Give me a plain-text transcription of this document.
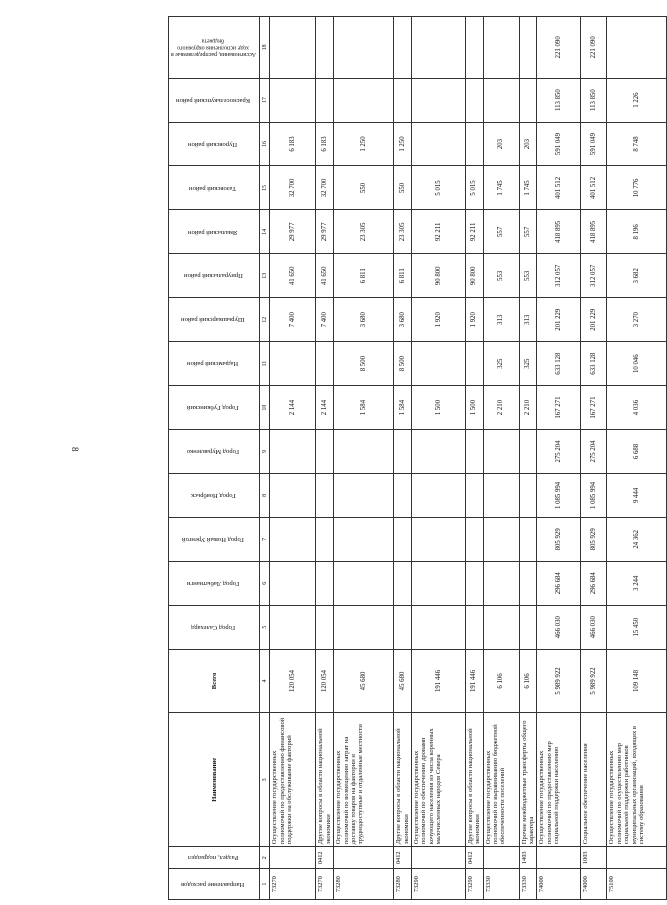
8
Направление расходов	Раздел, подраздел	Наименование	Всего	Город Салехард	Город Лабытнанги	Город Новый Уренгой	Город Ноябрьск	Город Муравленко	Город Губкинский	Надымский район	Шурышкарский район	Приуральский район	Ямальский район	Тазовский район	Пуровский район	Красноселькупский район	Ассигнования, распределяемые в ходе исполнения окружного бюджета
1	2	3	4	5	6	7	8	9	10	11	12	13	14	15	16	17	18
73270		Осуществление государственных полномочий по предоставлению финансовой поддержки на обслуживание факторий	120 054						2 144		7 400	41 650	29 977	32 700	6 183		
73270	0412	Другие вопросы в области национальной экономики	120 054						2 144		7 400	41 650	29 977	32 700	6 183		
73280		Осуществление государственных полномочий по возмещению затрат на доставку товаров на фактории и труднодоступные и отдаленные местности	45 680						1 584	8 500	3 680	6 811	23 305	550	1 250		
73280	0412	Другие вопросы в области национальной экономики	45 680						1 584	8 500	3 680	6 811	23 305	550	1 250		
73290		Осуществление государственных полномочий по обеспечению дровами кочующего населения из числа коренных малочисленных народов Севера	191 446						1 500		1 920	90 800	92 211	5 015			
73290	0412	Другие вопросы в области национальной экономики	191 446						1 500		1 920	90 800	92 211	5 015			
73330		Осуществление государственных полномочий по выравниванию бюджетной обеспеченности поселений	6 106						2 210	325	313	553	557	1 745	203		
73330	1403	Прочие межбюджетные трансферты общего характера	6 106						2 210	325	313	553	557	1 745	203		
74000		Осуществление государственных полномочий по предоставлению мер социальной поддержки населению	5 989 922	466 030	296 684	805 929	1 085 994	275 204	167 271	633 128	201 229	312 057	418 895	401 512	591 049	113 850	221 090
74000	1003	Социальное обеспечение населения	5 989 922	466 030	296 684	805 929	1 085 994	275 204	167 271	633 128	201 229	312 057	418 895	401 512	591 049	113 850	221 090
75100		Осуществление государственных полномочий по осуществлению мер социальной поддержки работников муниципальных организаций, входящих в систему образования	109 148	15 450	3 244	24 362	9 444	6 688	4 036	10 046	3 270	3 682	8 196	10 776	8 748	1 226	
